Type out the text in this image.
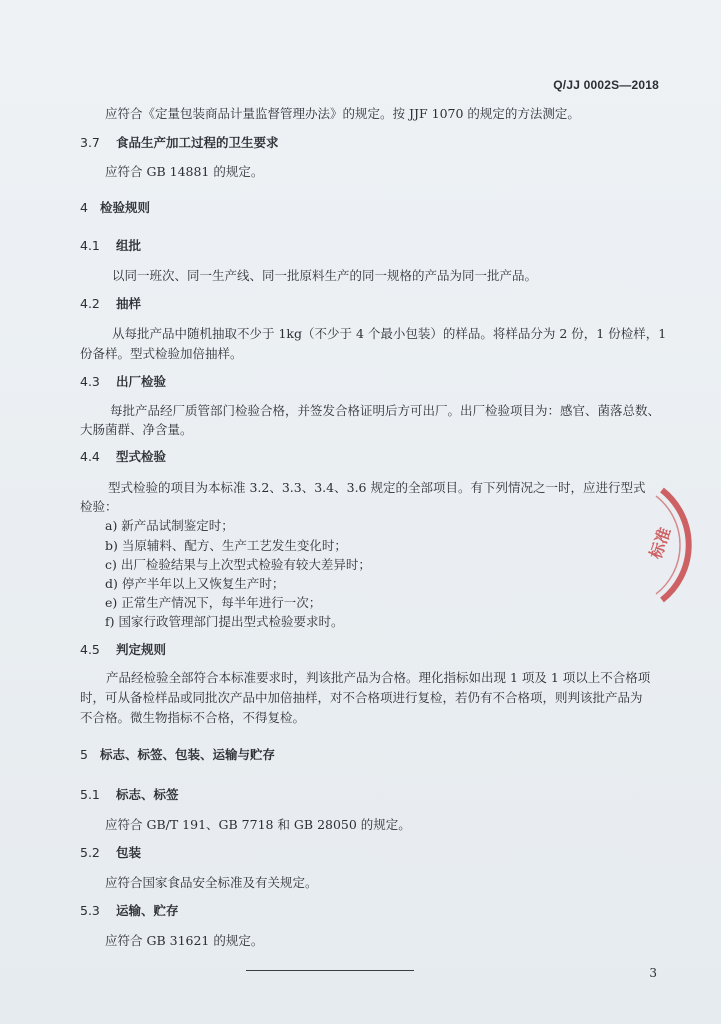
Q/JJ 0002S—2018
应符合《定量包装商品计量监督管理办法》的规定。按 JJF 1070 的规定的方法测定。
3.7 食品生产加工过程的卫生要求
应符合 GB 14881 的规定。
4 检验规则
4.1 组批
以同一班次、同一生产线、同一批原料生产的同一规格的产品为同一批产品。
4.2 抽样
从每批产品中随机抽取不少于 1kg（不少于 4 个最小包装）的样品。将样品分为 2 份，1 份检样，1
份备样。型式检验加倍抽样。
4.3 出厂检验
每批产品经厂质管部门检验合格，并签发合格证明后方可出厂。出厂检验项目为：感官、菌落总数、
大肠菌群、净含量。
4.4 型式检验
型式检验的项目为本标准 3.2、3.3、3.4、3.6 规定的全部项目。有下列情况之一时，应进行型式
检验：
a) 新产品试制鉴定时；
b) 当原辅料、配方、生产工艺发生变化时；
c) 出厂检验结果与上次型式检验有较大差异时；
d) 停产半年以上又恢复生产时；
e) 正常生产情况下，每半年进行一次；
f) 国家行政管理部门提出型式检验要求时。
4.5 判定规则
产品经检验全部符合本标准要求时，判该批产品为合格。理化指标如出现 1 项及 1 项以上不合格项
时，可从备检样品或同批次产品中加倍抽样，对不合格项进行复检，若仍有不合格项，则判该批产品为
不合格。微生物指标不合格，不得复检。
5 标志、标签、包装、运输与贮存
5.1 标志、标签
应符合 GB/T 191、GB 7718 和 GB 28050 的规定。
5.2 包装
应符合国家食品安全标准及有关规定。
5.3 运输、贮存
应符合 GB 31621 的规定。
3
标准
